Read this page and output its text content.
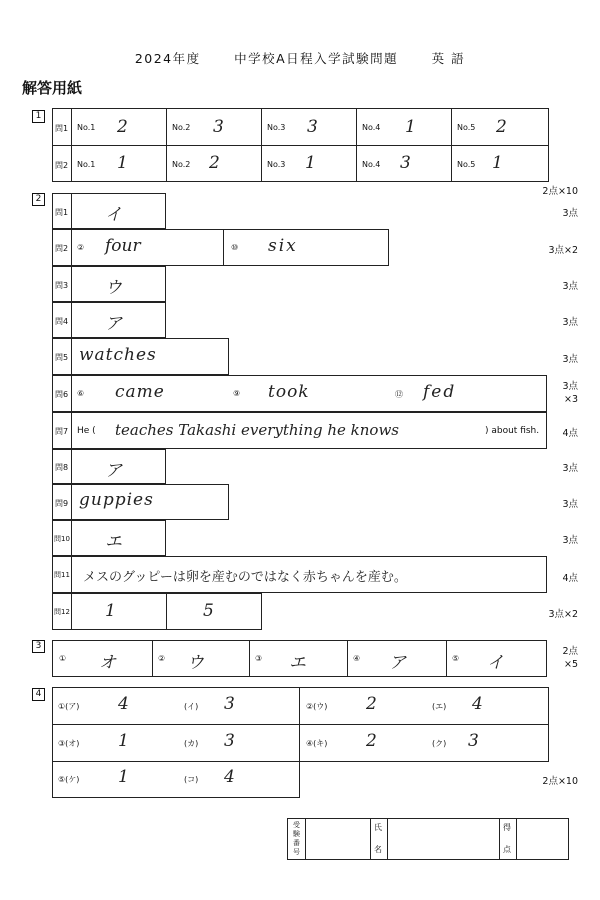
2024年度	中学校A日程入学試験問題	英 語
解答用紙
1
問1 No.1 2	No.2 3	No.3 3	No.4 1	No.5 2
問2 No.1 1	No.2 2	No.3 1	No.4 3	No.5 1
2点×10
2
問1 イ	3点
問2 ② four	⑩ six	3点×2
問3 ウ	3点
問4 ア	3点
問5 watches	3点
問6 ⑥ came	⑨ took	⑫ fed	3点
×3
問7 He ( teaches Takashi everything he knows	) about fish.	4点
問8 ア	3点
問9 guppies	3点
問10 エ	3点
問11 メスのグッピーは卵を産むのではなく赤ちゃんを産む。	4点
問12 1	5	3点×2
3
① オ	② ウ	③ エ	④ ア	⑤ イ
2点
×5
4
①(ア) 4	(イ) 3	②(ウ) 2	(エ) 4
③(オ) 1	(カ) 3	④(キ) 2	(ク) 3
⑤(ケ) 1	(コ) 4	2点×10
受験番号
氏
名
得
点
